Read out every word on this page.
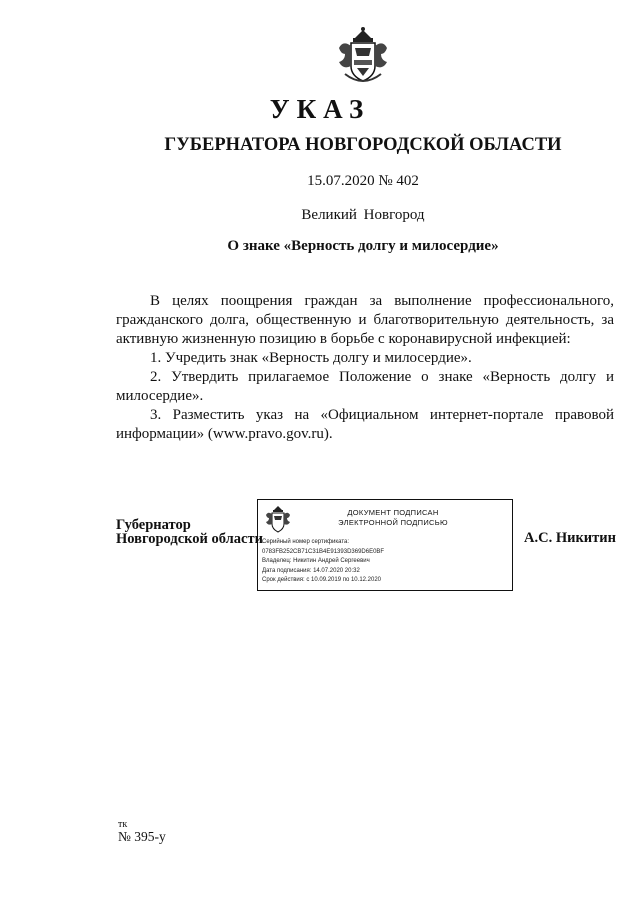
УКАЗ
ГУБЕРНАТОРА НОВГОРОДСКОЙ ОБЛАСТИ
15.07.2020 № 402
Великий Новгород
О знаке «Верность долгу и милосердие»

В целях поощрения граждан за выполнение профессионального, гражданского долга, общественную и благотворительную деятельность, за активную жизненную позицию в борьбе с коронавирусной инфекцией:

1. Учредить знак «Верность долгу и милосердие».

2. Утвердить прилагаемое Положение о знаке «Верность долгу и милосердие».

3. Разместить указ на «Официальном интернет-портале правовой информации» (www.pravo.gov.ru).

Губернатор
Новгородской области
ДОКУМЕНТ ПОДПИСАН
ЭЛЕКТРОННОЙ ПОДПИСЬЮ
Серийный номер сертификата:
0783FB252CB71C31B4E91393D369D6E0BF
Владелец: Никитин Андрей Сергеевич
Дата подписания: 14.07.2020 20:32
Срок действия: с 10.09.2019 по 10.12.2020
А.С. Никитин
тк
№ 395-у
